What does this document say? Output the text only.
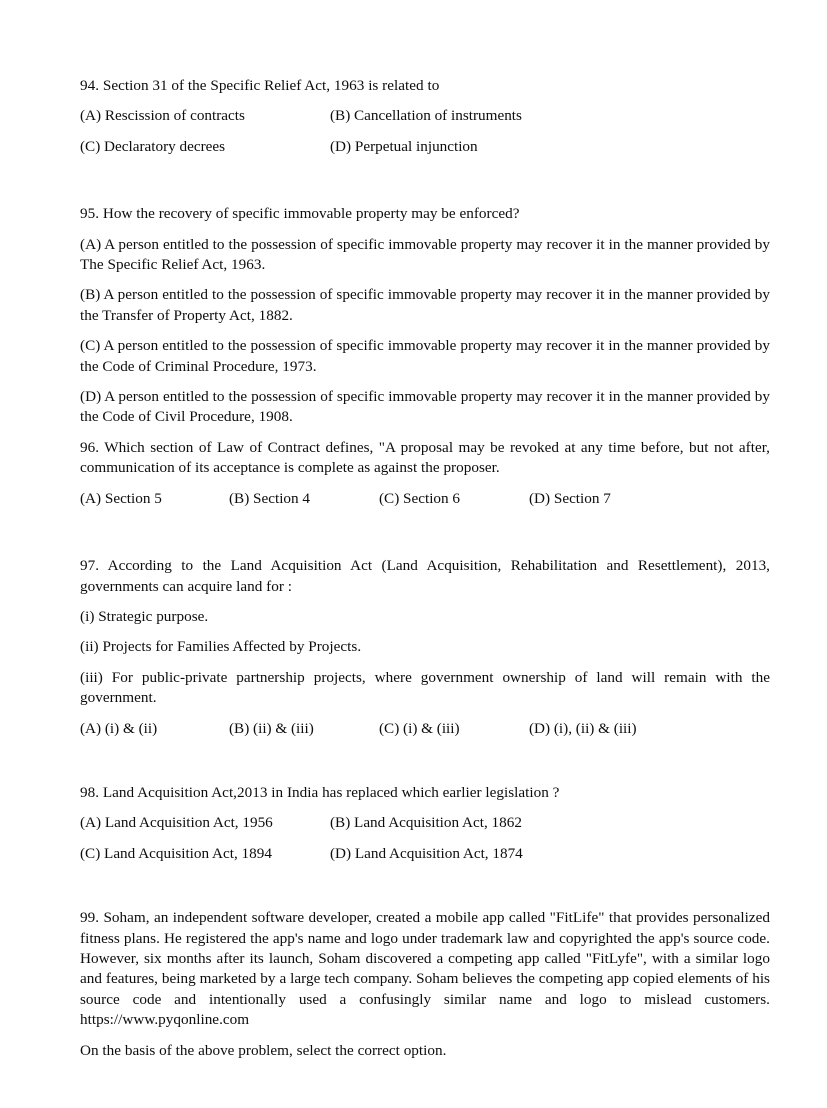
94. Section 31 of the Specific Relief Act, 1963 is related to

(A) Rescission of contracts	(B) Cancellation of instruments
(C) Declaratory decrees	(D) Perpetual injunction

95. How the recovery of specific immovable property may be enforced?

(A) A person entitled to the possession of specific immovable property may recover it in the manner provided by The Specific Relief Act, 1963.

(B) A person entitled to the possession of specific immovable property may recover it in the manner provided by the Transfer of Property Act, 1882.

(C) A person entitled to the possession of specific immovable property may recover it in the manner provided by the Code of Criminal Procedure, 1973.

(D) A person entitled to the possession of specific immovable property may recover it in the manner provided by the Code of Civil Procedure, 1908.

96. Which section of Law of Contract defines, "A proposal may be revoked at any time before, but not after, communication of its acceptance is complete as against the proposer.

(A) Section 5	(B) Section 4	(C) Section 6	(D) Section 7

97. According to the Land Acquisition Act (Land Acquisition, Rehabilitation and Resettlement), 2013, governments can acquire land for :

(i) Strategic purpose.

(ii) Projects for Families Affected by Projects.

(iii) For public-private partnership projects, where government ownership of land will remain with the government.

(A) (i) & (ii)	(B) (ii) & (iii)	(C) (i) & (iii)	(D) (i), (ii) & (iii)

98. Land Acquisition Act,2013 in India has replaced which earlier legislation ?

(A) Land Acquisition Act, 1956	(B) Land Acquisition Act, 1862
(C) Land Acquisition Act, 1894	(D) Land Acquisition Act, 1874

99. Soham, an independent software developer, created a mobile app called "FitLife" that provides personalized fitness plans. He registered the app's name and logo under trademark law and copyrighted the app's source code. However, six months after its launch, Soham discovered a competing app called "FitLyfe", with a similar logo and features, being marketed by a large tech company. Soham believes the competing app copied elements of his source code and intentionally used a confusingly similar name and logo to mislead customers. https://www.pyqonline.com

On the basis of the above problem, select the correct option.
